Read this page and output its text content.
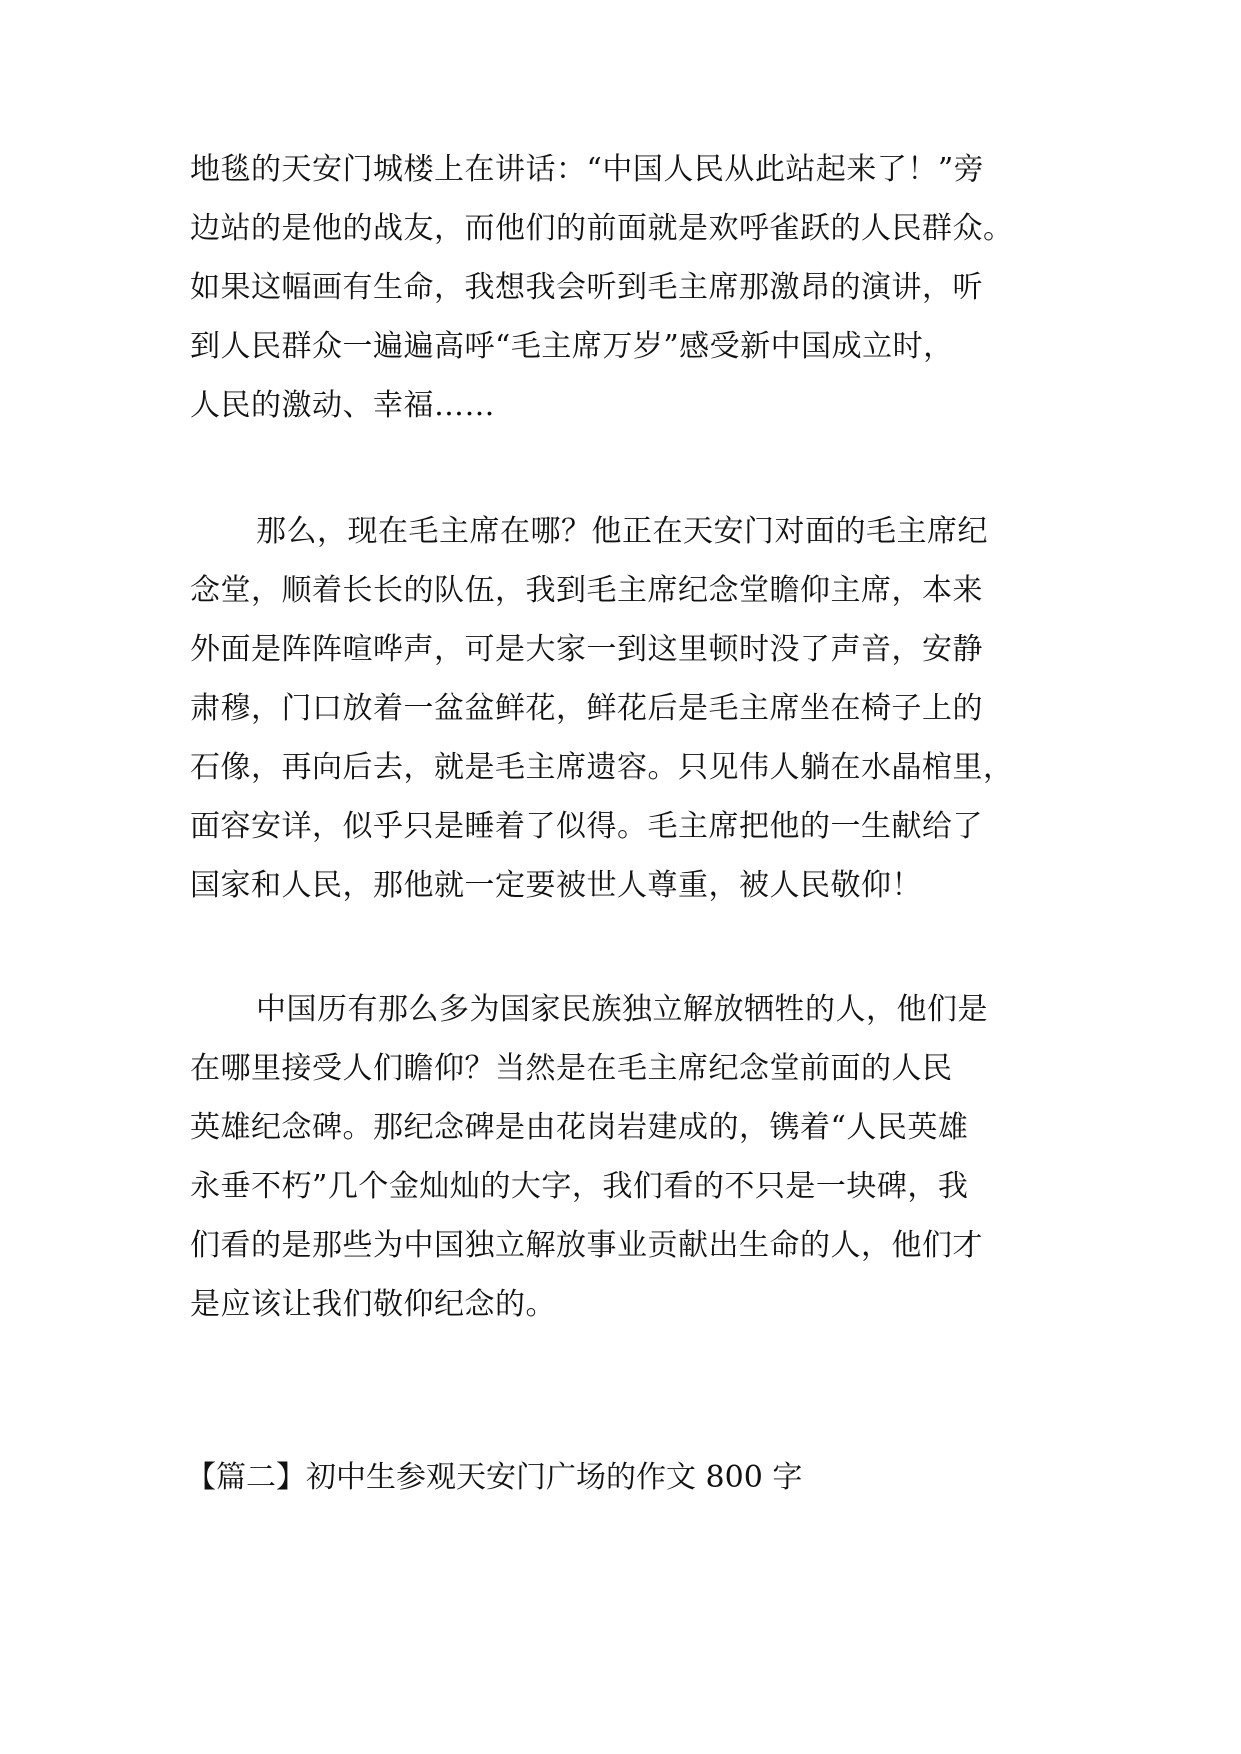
地毯的天安门城楼上在讲话：“中国人民从此站起来了！”旁
边站的是他的战友，而他们的前面就是欢呼雀跃的人民群众。
如果这幅画有生命，我想我会听到毛主席那激昂的演讲，听
到人民群众一遍遍高呼“毛主席万岁”感受新中国成立时，
人民的激动、幸福……
那么，现在毛主席在哪？他正在天安门对面的毛主席纪
念堂，顺着长长的队伍，我到毛主席纪念堂瞻仰主席，本来
外面是阵阵喧哗声，可是大家一到这里顿时没了声音，安静
肃穆，门口放着一盆盆鲜花，鲜花后是毛主席坐在椅子上的
石像，再向后去，就是毛主席遗容。只见伟人躺在水晶棺里，
面容安详，似乎只是睡着了似得。毛主席把他的一生献给了
国家和人民，那他就一定要被世人尊重，被人民敬仰！
中国历有那么多为国家民族独立解放牺牲的人，他们是
在哪里接受人们瞻仰？当然是在毛主席纪念堂前面的人民
英雄纪念碑。那纪念碑是由花岗岩建成的，镌着“人民英雄
永垂不朽”几个金灿灿的大字，我们看的不只是一块碑，我
们看的是那些为中国独立解放事业贡献出生命的人，他们才
是应该让我们敬仰纪念的。
【篇二】初中生参观天安门广场的作文 800 字
